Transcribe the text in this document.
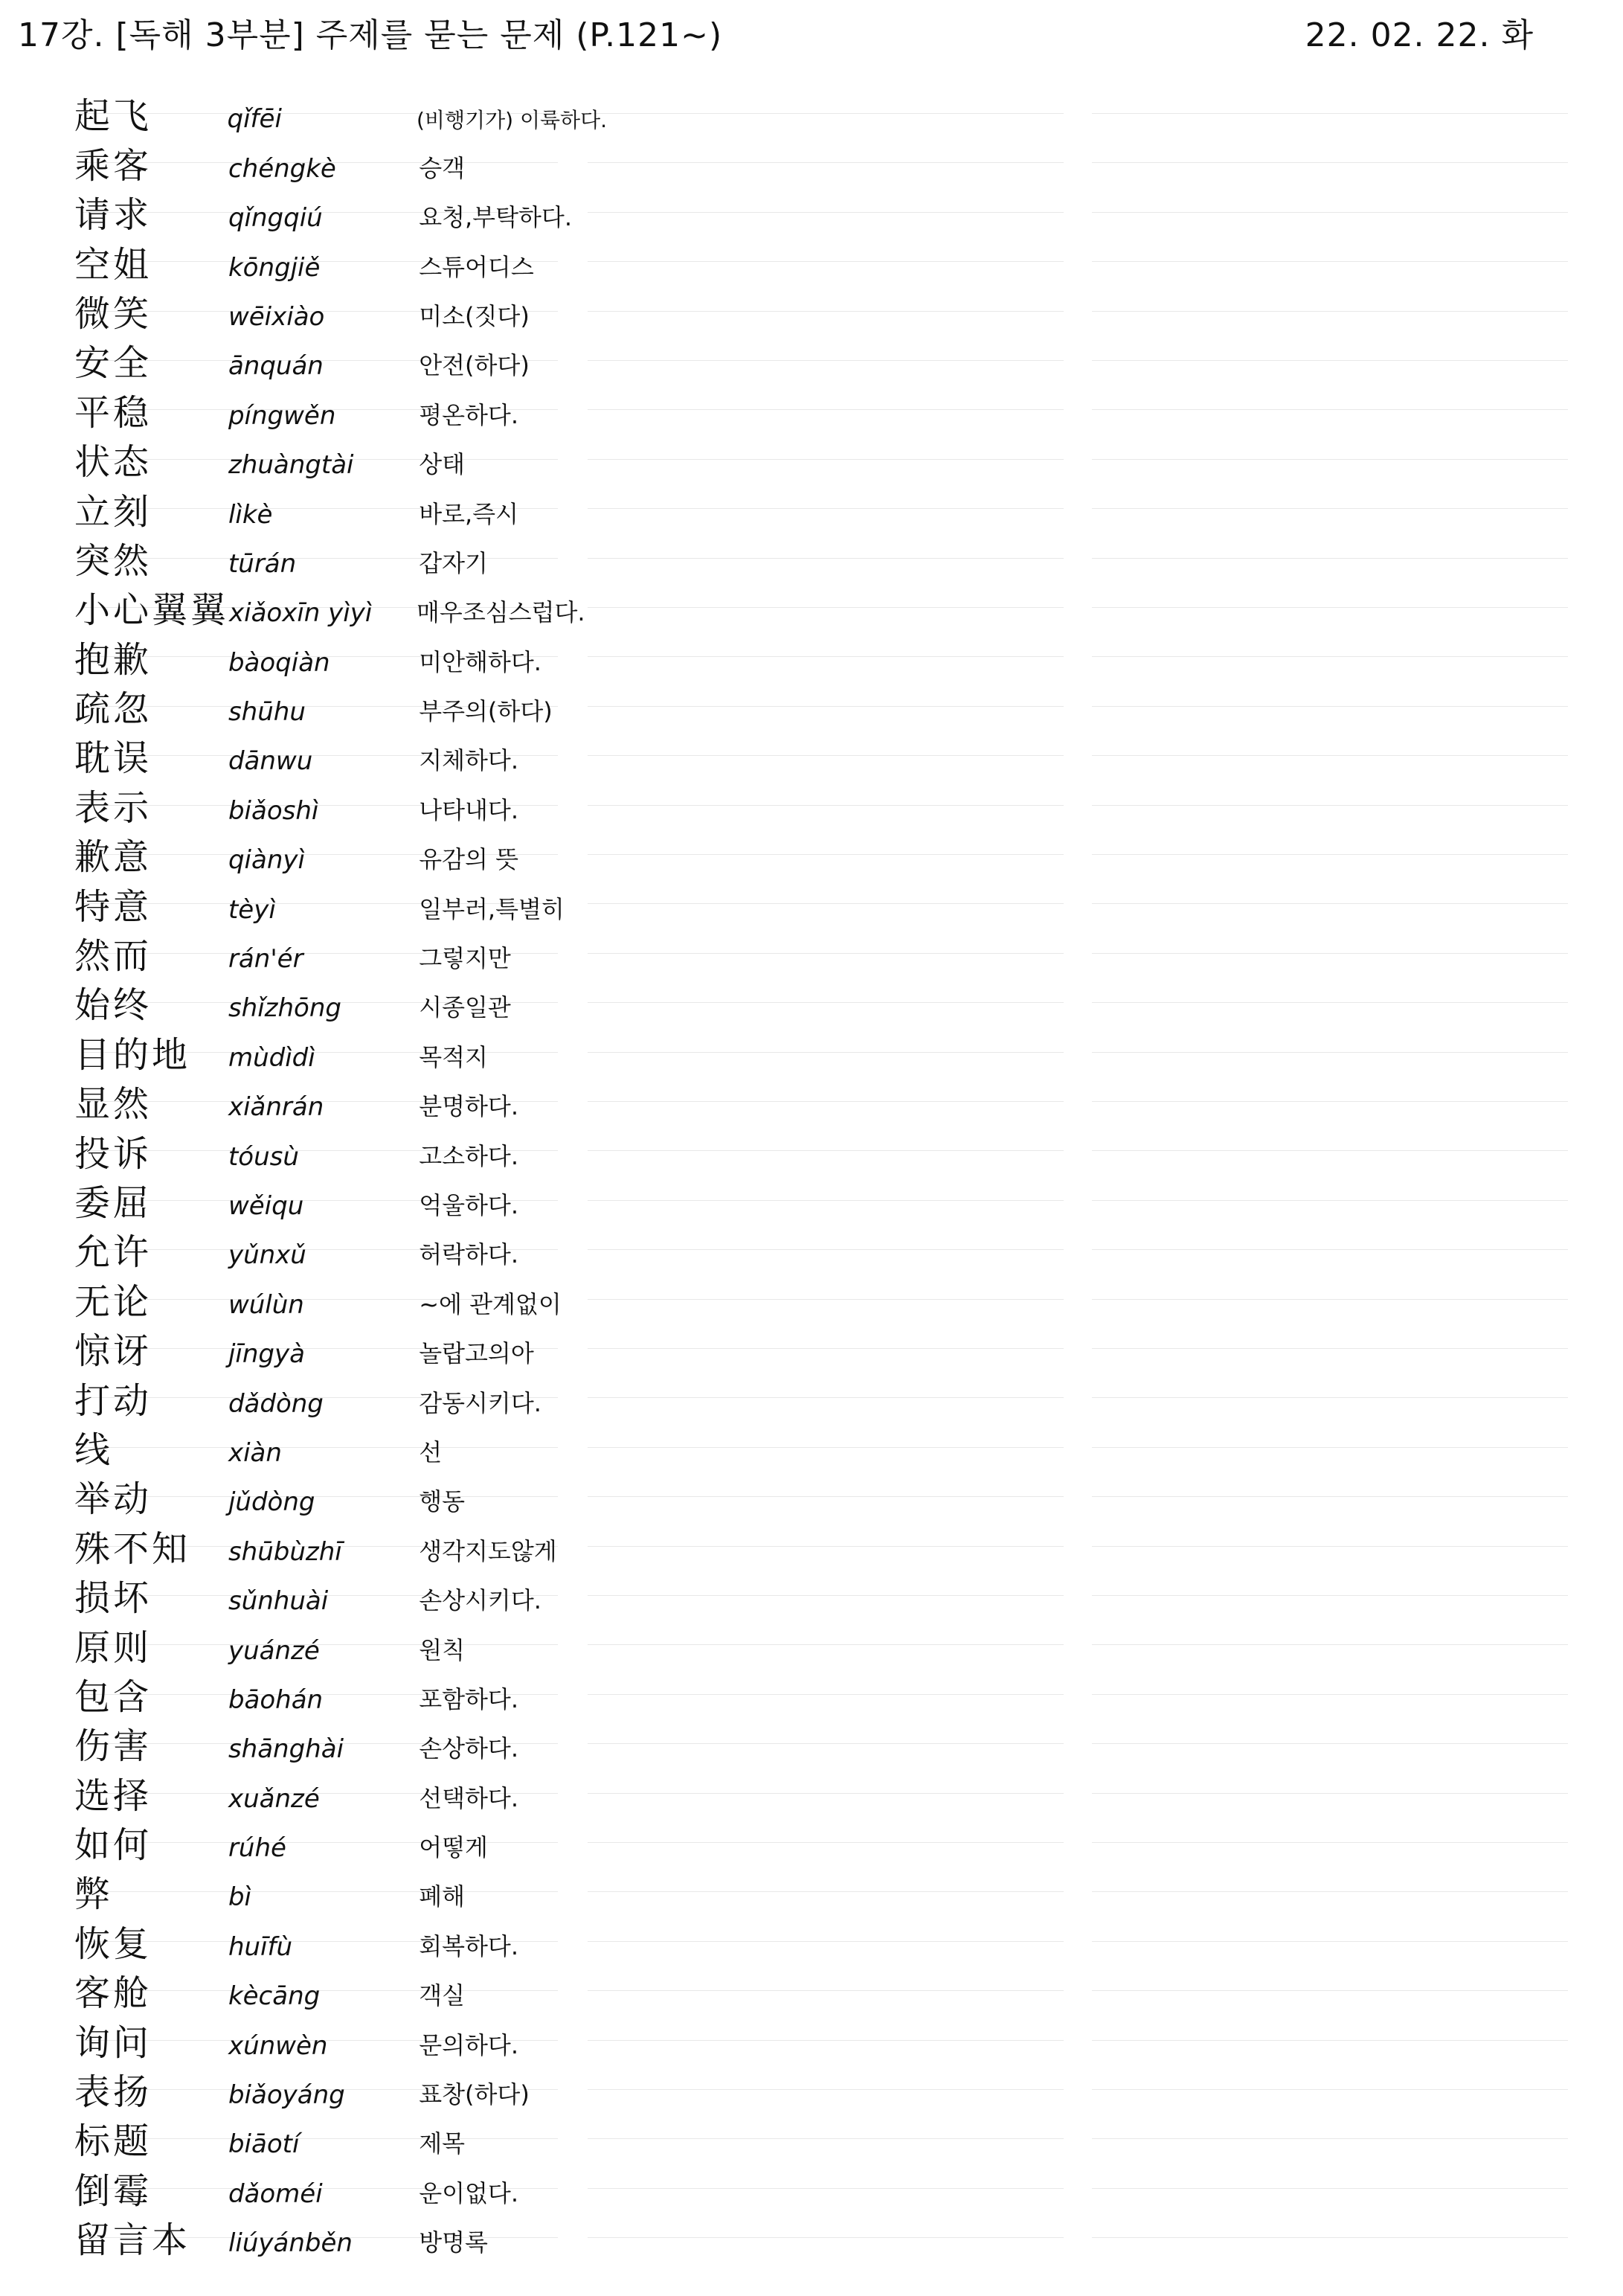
17강. [독해 3부분] 주제를 묻는 문제 (P.121~)	22. 02. 22. 화
起飞	qǐfēi	(비행기가) 이륙하다.
乘客	chéngkè	승객
请求	qǐngqiú	요청,부탁하다.
空姐	kōngjiě	스튜어디스
微笑	wēixiào	미소(짓다)
安全	ānquán	안전(하다)
平稳	píngwěn	평온하다.
状态	zhuàngtài	상태
立刻	lìkè	바로,즉시
突然	tūrán	갑자기
小心翼翼 xiǎoxīn yìyì	매우조심스럽다.
抱歉	bàoqiàn	미안해하다.
疏忽	shūhu	부주의(하다)
耽误	dānwu	지체하다.
表示	biǎoshì	나타내다.
歉意	qiànyì	유감의 뜻
特意	tèyì	일부러,특별히
然而	rán'ér	그렇지만
始终	shǐzhōng	시종일관
目的地	mùdìdì	목적지
显然	xiǎnrán	분명하다.
投诉	tóusù	고소하다.
委屈	wěiqu	억울하다.
允许	yǔnxǔ	허락하다.
无论	wúlùn	~에 관계없이
惊讶	jīngyà	놀랍고의아
打动	dǎdòng	감동시키다.
线	xiàn	선
举动	jǔdòng	행동
殊不知	shūbùzhī	생각지도않게
损坏	sǔnhuài	손상시키다.
原则	yuánzé	원칙
包含	bāohán	포함하다.
伤害	shānghài	손상하다.
选择	xuǎnzé	선택하다.
如何	rúhé	어떻게
弊	bì	폐해
恢复	huīfù	회복하다.
客舱	kècāng	객실
询问	xúnwèn	문의하다.
表扬	biǎoyáng	표창(하다)
标题	biāotí	제목
倒霉	dǎoméi	운이없다.
留言本	liúyánběn	방명록
